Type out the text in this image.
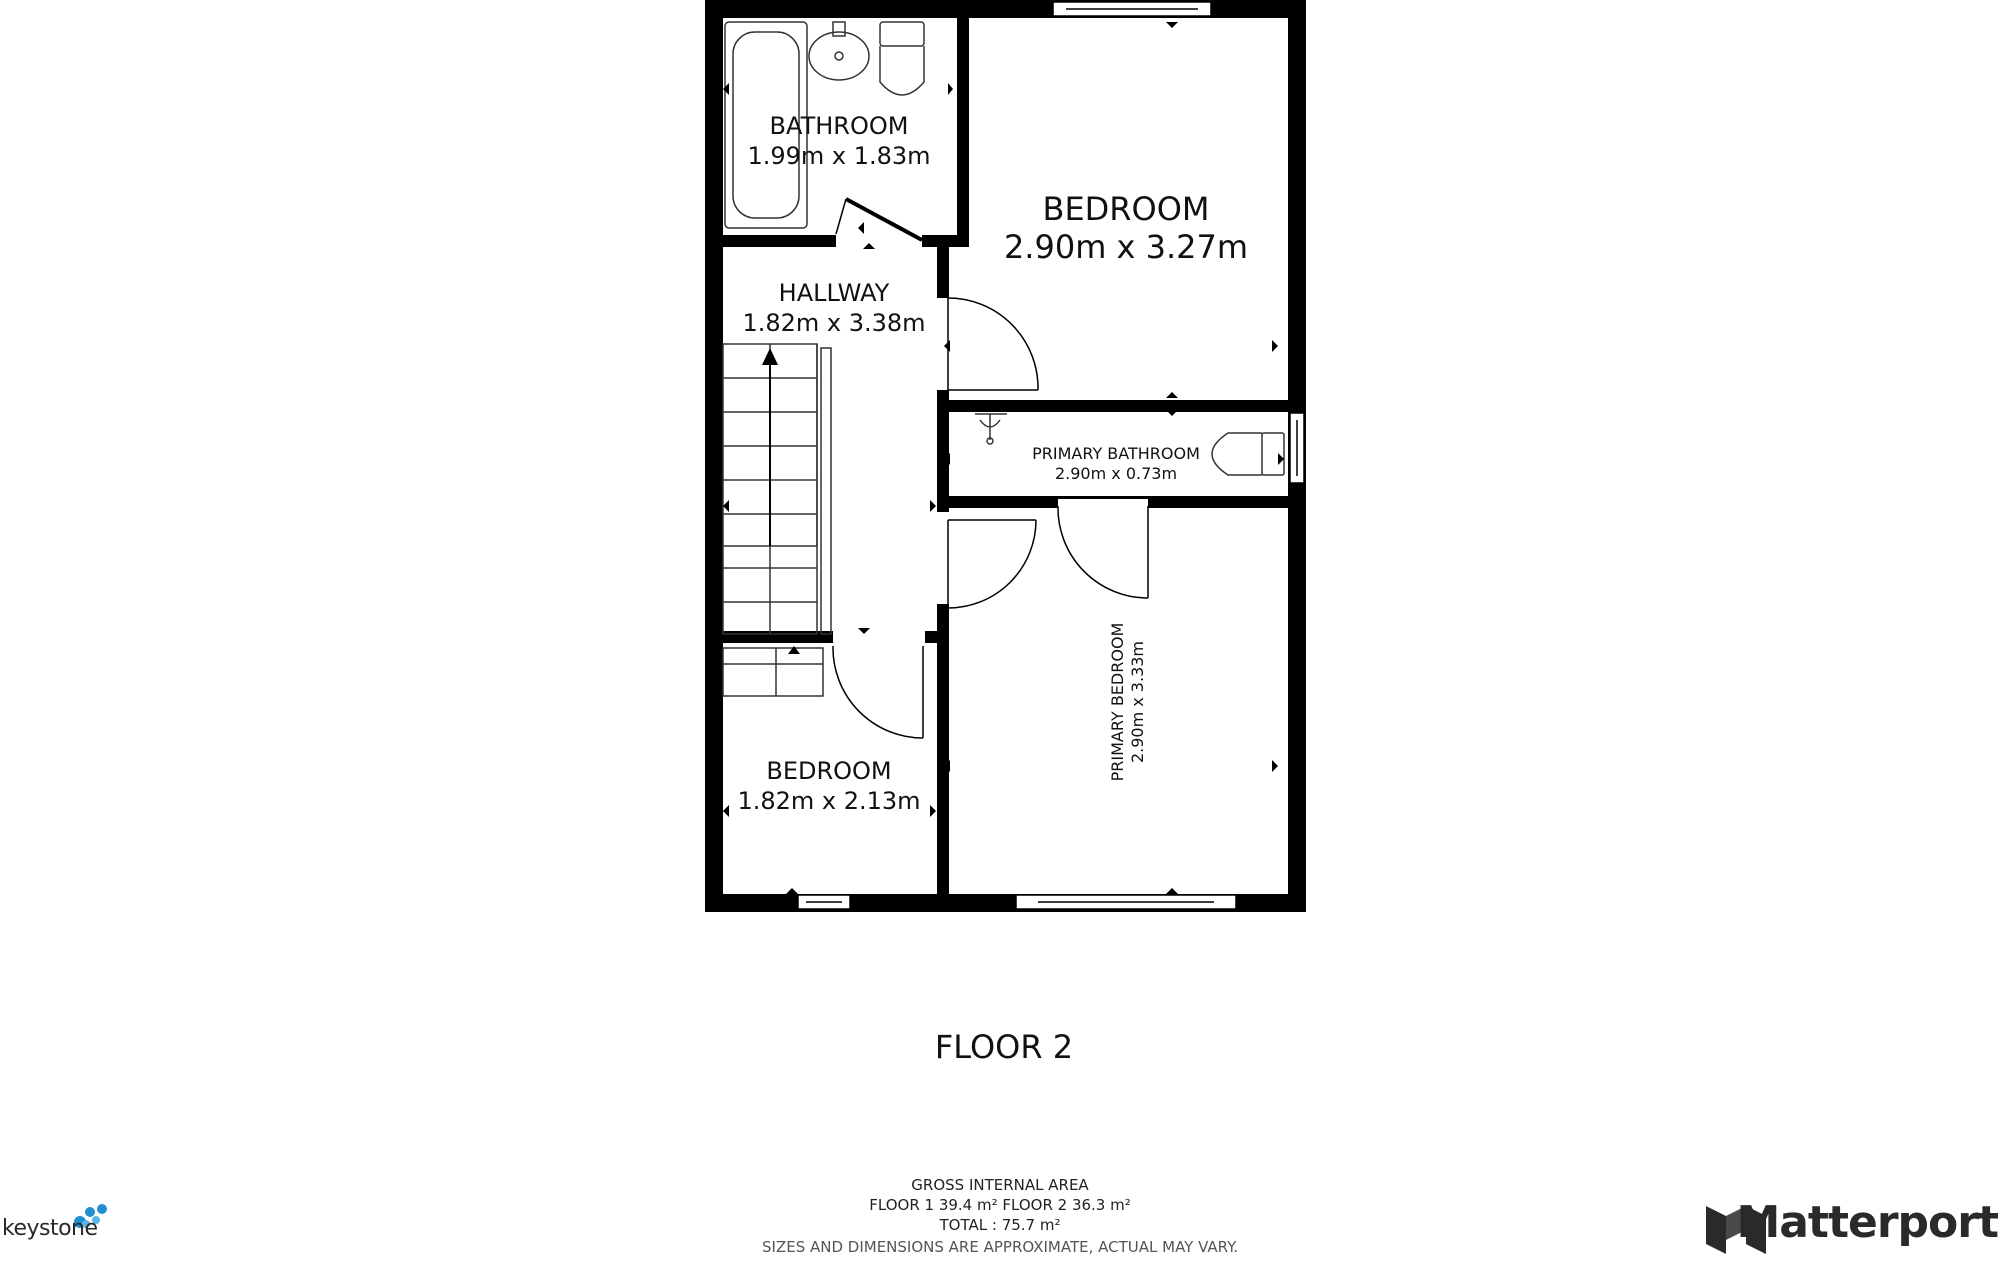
BATHROOM
1.99m x 1.83m
BEDROOM
2.90m x 3.27m
HALLWAY
1.82m x 3.38m
PRIMARY BATHROOM
2.90m x 0.73m
PRIMARY BEDROOM 2.90m x 3.33m
BEDROOM
1.82m x 2.13m
FLOOR 2
GROSS INTERNAL AREA
FLOOR 1 39.4 m² FLOOR 2 36.3 m²
TOTAL : 75.7 m²
SIZES AND DIMENSIONS ARE APPROXIMATE, ACTUAL MAY VARY.
keystone	Matterport
